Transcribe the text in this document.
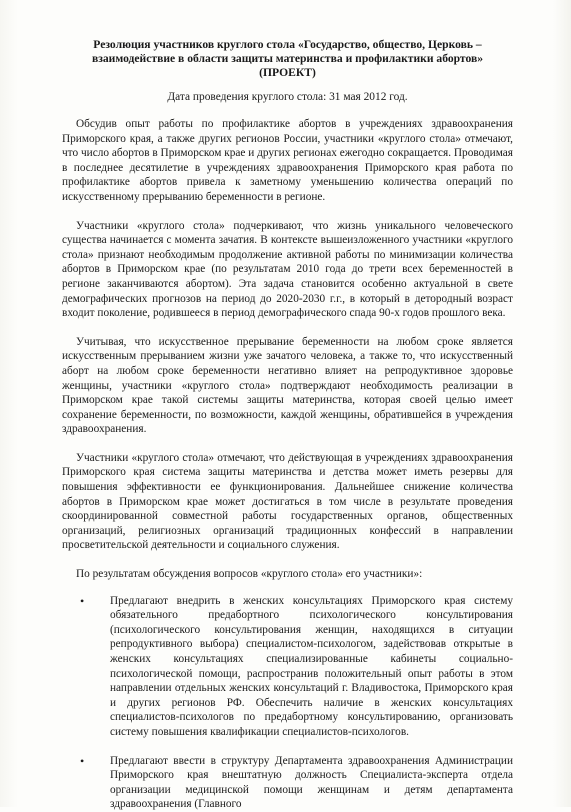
Резолюция участников круглого стола «Государство, общество, Церковь –
взаимодействие в области защиты материнства и профилактики абортов»
(ПРОЕКТ)
Дата проведения круглого стола: 31 мая 2012 год.

Обсудив опыт работы по профилактике абортов в учреждениях здравоохранения Приморского края, а также других регионов России, участники «круглого стола» отмечают, что число абортов в Приморском крае и других регионах ежегодно сокращается. Проводимая в последнее десятилетие в учреждениях здравоохранения Приморского края работа по профилактике абортов привела к заметному уменьшению количества операций по искусственному прерыванию беременности в регионе.

Участники «круглого стола» подчеркивают, что жизнь уникального человеческого существа начинается с момента зачатия. В контексте вышеизложенного участники «круглого стола» признают необходимым продолжение активной работы по минимизации количества абортов в Приморском крае (по результатам 2010 года до трети всех беременностей в регионе заканчиваются абортом). Эта задача становится особенно актуальной в свете демографических прогнозов на период до 2020-2030 г.г., в который в детородный возраст входит поколение, родившееся в период демографического спада 90-х годов прошлого века.

Учитывая, что искусственное прерывание беременности на любом сроке является искусственным прерыванием жизни уже зачатого человека, а также то, что искусственный аборт на любом сроке беременности негативно влияет на репродуктивное здоровье женщины, участники «круглого стола» подтверждают необходимость реализации в Приморском крае такой системы защиты материнства, которая своей целью имеет сохранение беременности, по возможности, каждой женщины, обратившейся в учреждения здравоохранения.

Участники «круглого стола» отмечают, что действующая в учреждениях здравоохранения Приморского края система защиты материнства и детства может иметь резервы для повышения эффективности ее функционирования. Дальнейшее снижение количества абортов в Приморском крае может достигаться в том числе в результате проведения скоординированной совместной работы государственных органов, общественных организаций, религиозных организаций традиционных конфессий в направлении просветительской деятельности и социального служения.

По результатам обсуждения вопросов «круглого стола» его участники»:

• Предлагают внедрить в женских консультациях Приморского края систему обязательного предабортного психологического консультирования (психологического консультирования женщин, находящихся в ситуации репродуктивного выбора) специалистом-психологом, задействовав открытые в женских консультациях специализированные кабинеты социально-психологической помощи, распространив положительный опыт работы в этом направлении отдельных женских консультаций г. Владивостока, Приморского края и других регионов РФ. Обеспечить наличие в женских консультациях специалистов-психологов по предабортному консультированию, организовать систему повышения квалификации специалистов-психологов.
• Предлагают ввести в структуру Департамента здравоохранения Администрации Приморского края внештатную должность Специалиста-эксперта отдела организации медицинской помощи женщинам и детям департамента здравоохранения (Главного
